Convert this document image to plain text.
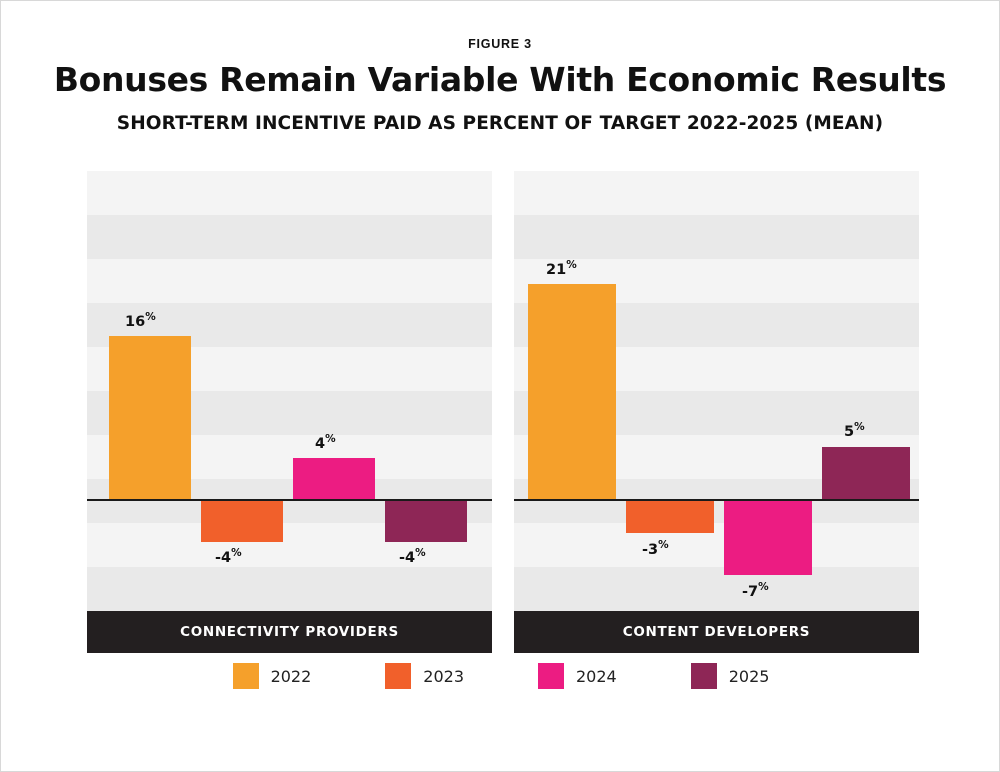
FIGURE 3
Bonuses Remain Variable With Economic Results
SHORT-TERM INCENTIVE PAID AS PERCENT OF TARGET 2022-2025 (MEAN)
16%
-4%
4%
-4%
CONNECTIVITY PROVIDERS
21%
-3%
-7%
5%
CONTENT DEVELOPERS
2022	2023	2024	2025
